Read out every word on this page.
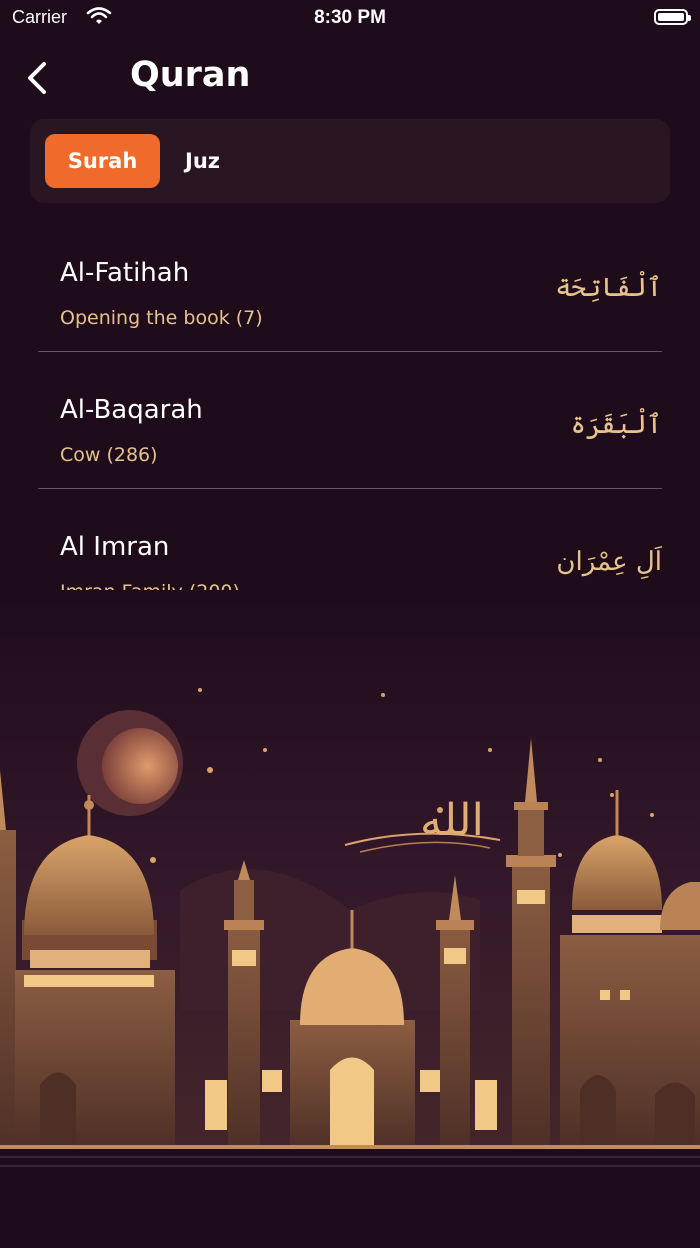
Carrier	8:30 PM
Quran
Surah	Juz
Al-Fatihah
Opening the book (7)
ٱلْفَاتِحَة
Al-Baqarah
Cow (286)
ٱلْبَقَرَة
Al Imran	اَلِ عِمْرَان
الله
